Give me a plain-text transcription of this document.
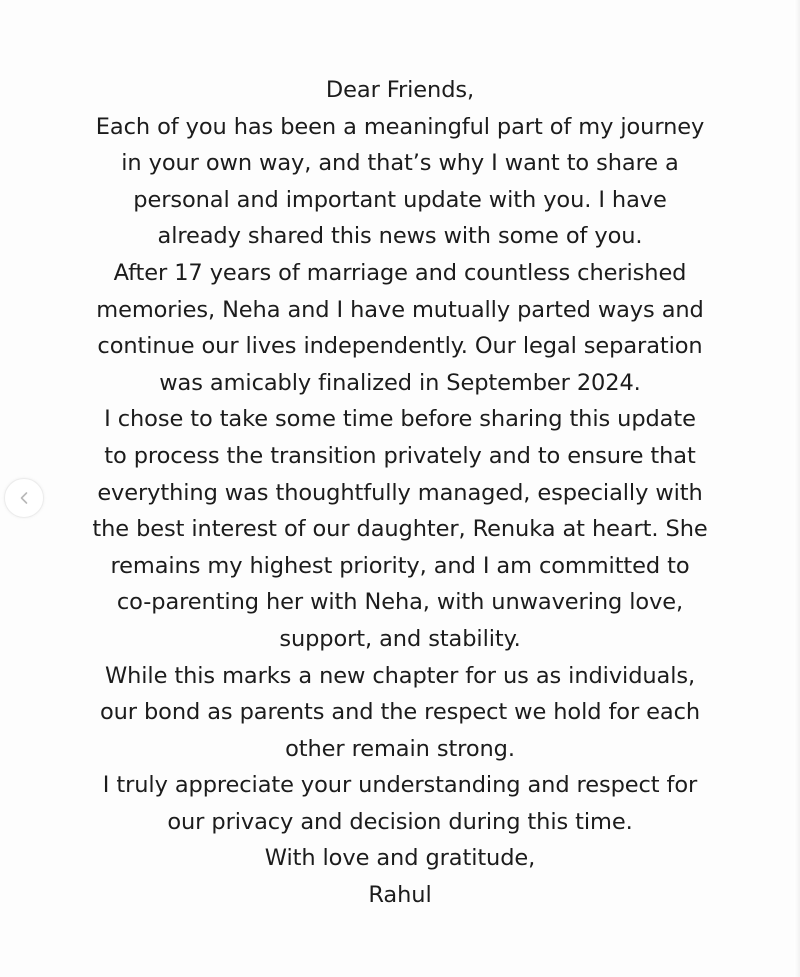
Dear Friends,
Each of you has been a meaningful part of my journey
in your own way, and that’s why I want to share a
personal and important update with you. I have
already shared this news with some of you.
After 17 years of marriage and countless cherished
memories, Neha and I have mutually parted ways and
continue our lives independently. Our legal separation
was amicably finalized in September 2024.
I chose to take some time before sharing this update
to process the transition privately and to ensure that
everything was thoughtfully managed, especially with
the best interest of our daughter, Renuka at heart. She
remains my highest priority, and I am committed to
co-parenting her with Neha, with unwavering love,
support, and stability.
While this marks a new chapter for us as individuals,
our bond as parents and the respect we hold for each
other remain strong.
I truly appreciate your understanding and respect for
our privacy and decision during this time.
With love and gratitude,
Rahul
